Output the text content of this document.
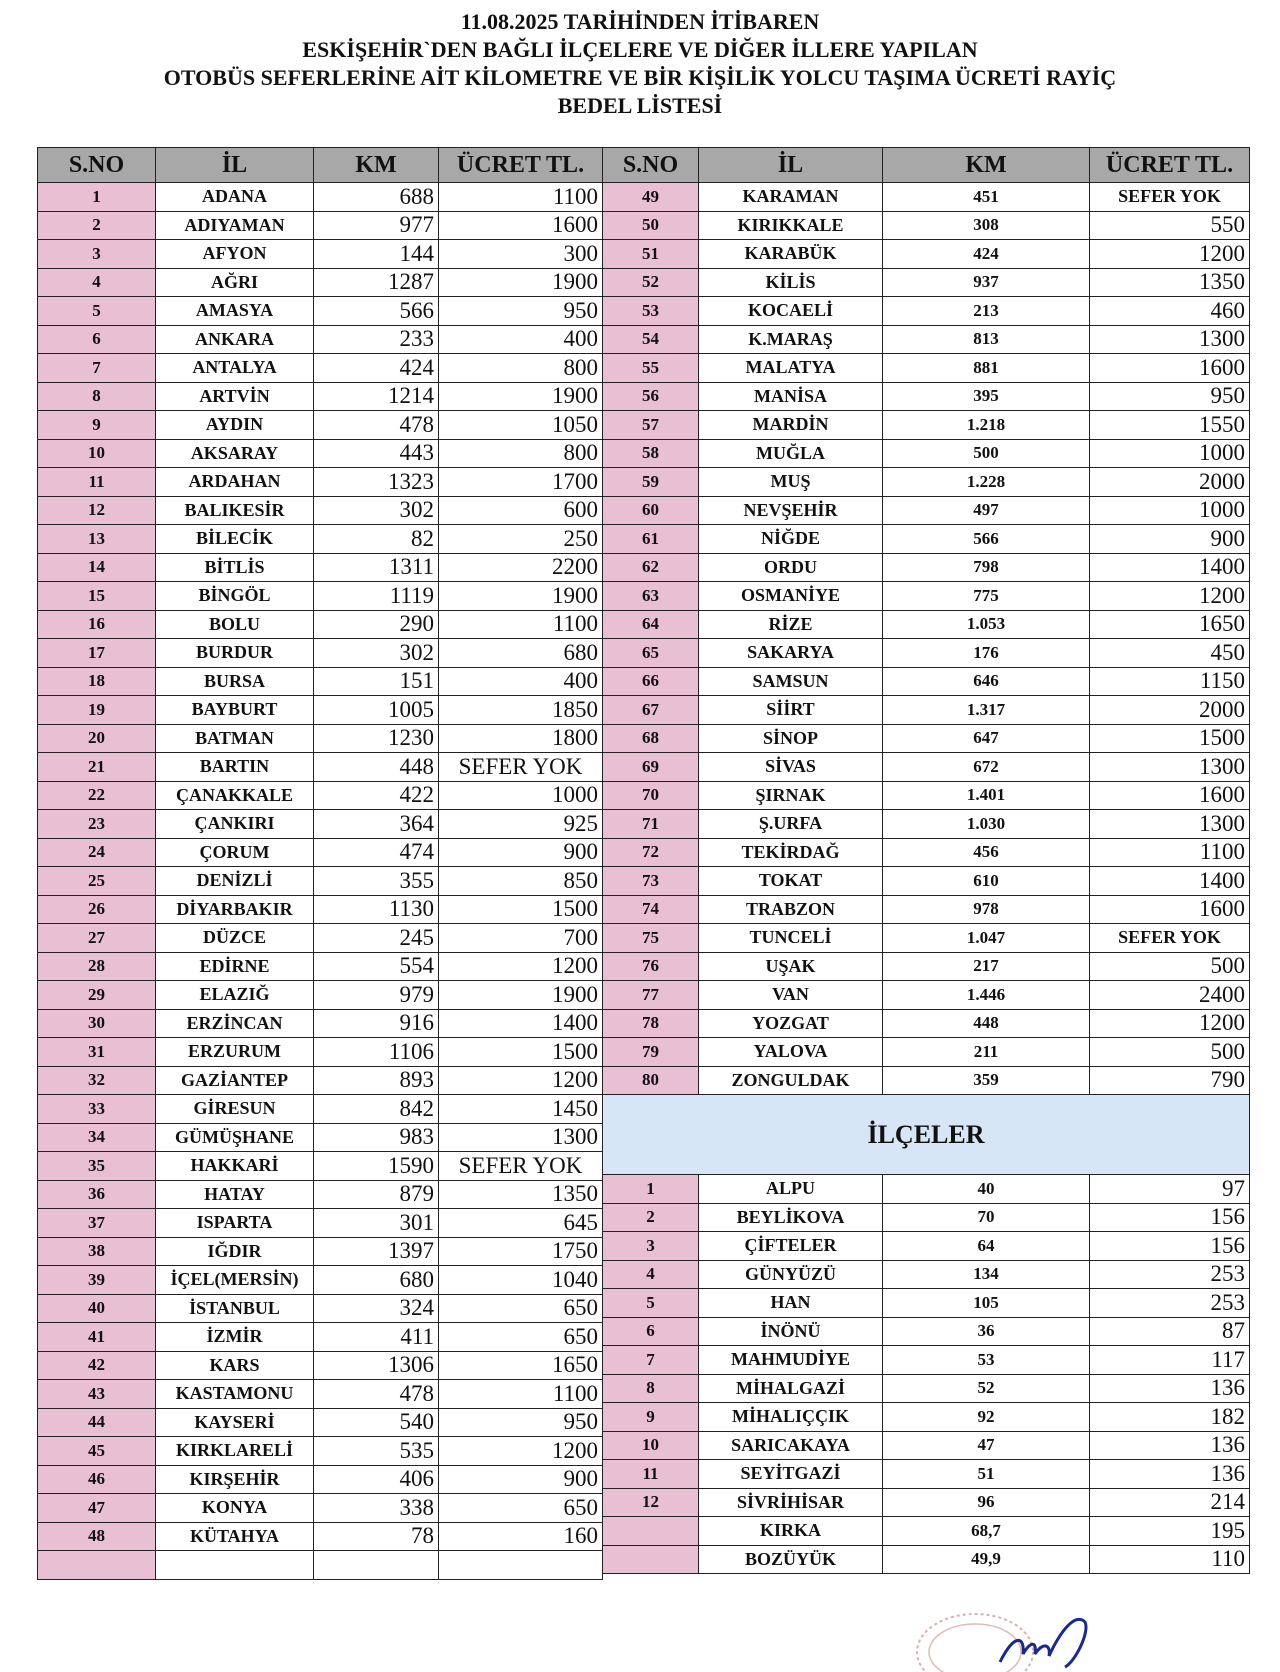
11.08.2025 TARİHİNDEN İTİBAREN
ESKİŞEHİR`DEN BAĞLI İLÇELERE VE DİĞER İLLERE YAPILAN
OTOBÜS SEFERLERİNE AİT KİLOMETRE VE BİR KİŞİLİK YOLCU TAŞIMA ÜCRETİ RAYİÇ
BEDEL LİSTESİ
S.NO	İL	KM	ÜCRET TL.
1	ADANA	688	1100
2	ADIYAMAN	977	1600
3	AFYON	144	300
4	AĞRI	1287	1900
5	AMASYA	566	950
6	ANKARA	233	400
7	ANTALYA	424	800
8	ARTVİN	1214	1900
9	AYDIN	478	1050
10	AKSARAY	443	800
11	ARDAHAN	1323	1700
12	BALIKESİR	302	600
13	BİLECİK	82	250
14	BİTLİS	1311	2200
15	BİNGÖL	1119	1900
16	BOLU	290	1100
17	BURDUR	302	680
18	BURSA	151	400
19	BAYBURT	1005	1850
20	BATMAN	1230	1800
21	BARTIN	448	SEFER YOK
22	ÇANAKKALE	422	1000
23	ÇANKIRI	364	925
24	ÇORUM	474	900
25	DENİZLİ	355	850
26	DİYARBAKIR	1130	1500
27	DÜZCE	245	700
28	EDİRNE	554	1200
29	ELAZIĞ	979	1900
30	ERZİNCAN	916	1400
31	ERZURUM	1106	1500
32	GAZİANTEP	893	1200
33	GİRESUN	842	1450
34	GÜMÜŞHANE	983	1300
35	HAKKARİ	1590	SEFER YOK
36	HATAY	879	1350
37	ISPARTA	301	645
38	IĞDIR	1397	1750
39	İÇEL(MERSİN)	680	1040
40	İSTANBUL	324	650
41	İZMİR	411	650
42	KARS	1306	1650
43	KASTAMONU	478	1100
44	KAYSERİ	540	950
45	KIRKLARELİ	535	1200
46	KIRŞEHİR	406	900
47	KONYA	338	650
48	KÜTAHYA	78	160

S.NO	İL	KM	ÜCRET TL.
49	KARAMAN	451	SEFER YOK
50	KIRIKKALE	308	550
51	KARABÜK	424	1200
52	KİLİS	937	1350
53	KOCAELİ	213	460
54	K.MARAŞ	813	1300
55	MALATYA	881	1600
56	MANİSA	395	950
57	MARDİN	1.218	1550
58	MUĞLA	500	1000
59	MUŞ	1.228	2000
60	NEVŞEHİR	497	1000
61	NİĞDE	566	900
62	ORDU	798	1400
63	OSMANİYE	775	1200
64	RİZE	1.053	1650
65	SAKARYA	176	450
66	SAMSUN	646	1150
67	SİİRT	1.317	2000
68	SİNOP	647	1500
69	SİVAS	672	1300
70	ŞIRNAK	1.401	1600
71	Ş.URFA	1.030	1300
72	TEKİRDAĞ	456	1100
73	TOKAT	610	1400
74	TRABZON	978	1600
75	TUNCELİ	1.047	SEFER YOK
76	UŞAK	217	500
77	VAN	1.446	2400
78	YOZGAT	448	1200
79	YALOVA	211	500
80	ZONGULDAK	359	790
İLÇELER			
1	ALPU	40	97
2	BEYLİKOVA	70	156
3	ÇİFTELER	64	156
4	GÜNYÜZÜ	134	253
5	HAN	105	253
6	İNÖNÜ	36	87
7	MAHMUDİYE	53	117
8	MİHALGAZİ	52	136
9	MİHALIÇÇIK	92	182
10	SARICAKAYA	47	136
11	SEYİTGAZİ	51	136
12	SİVRİHİSAR	96	214
	KIRKA	68,7	195
	BOZÜYÜK	49,9	110
